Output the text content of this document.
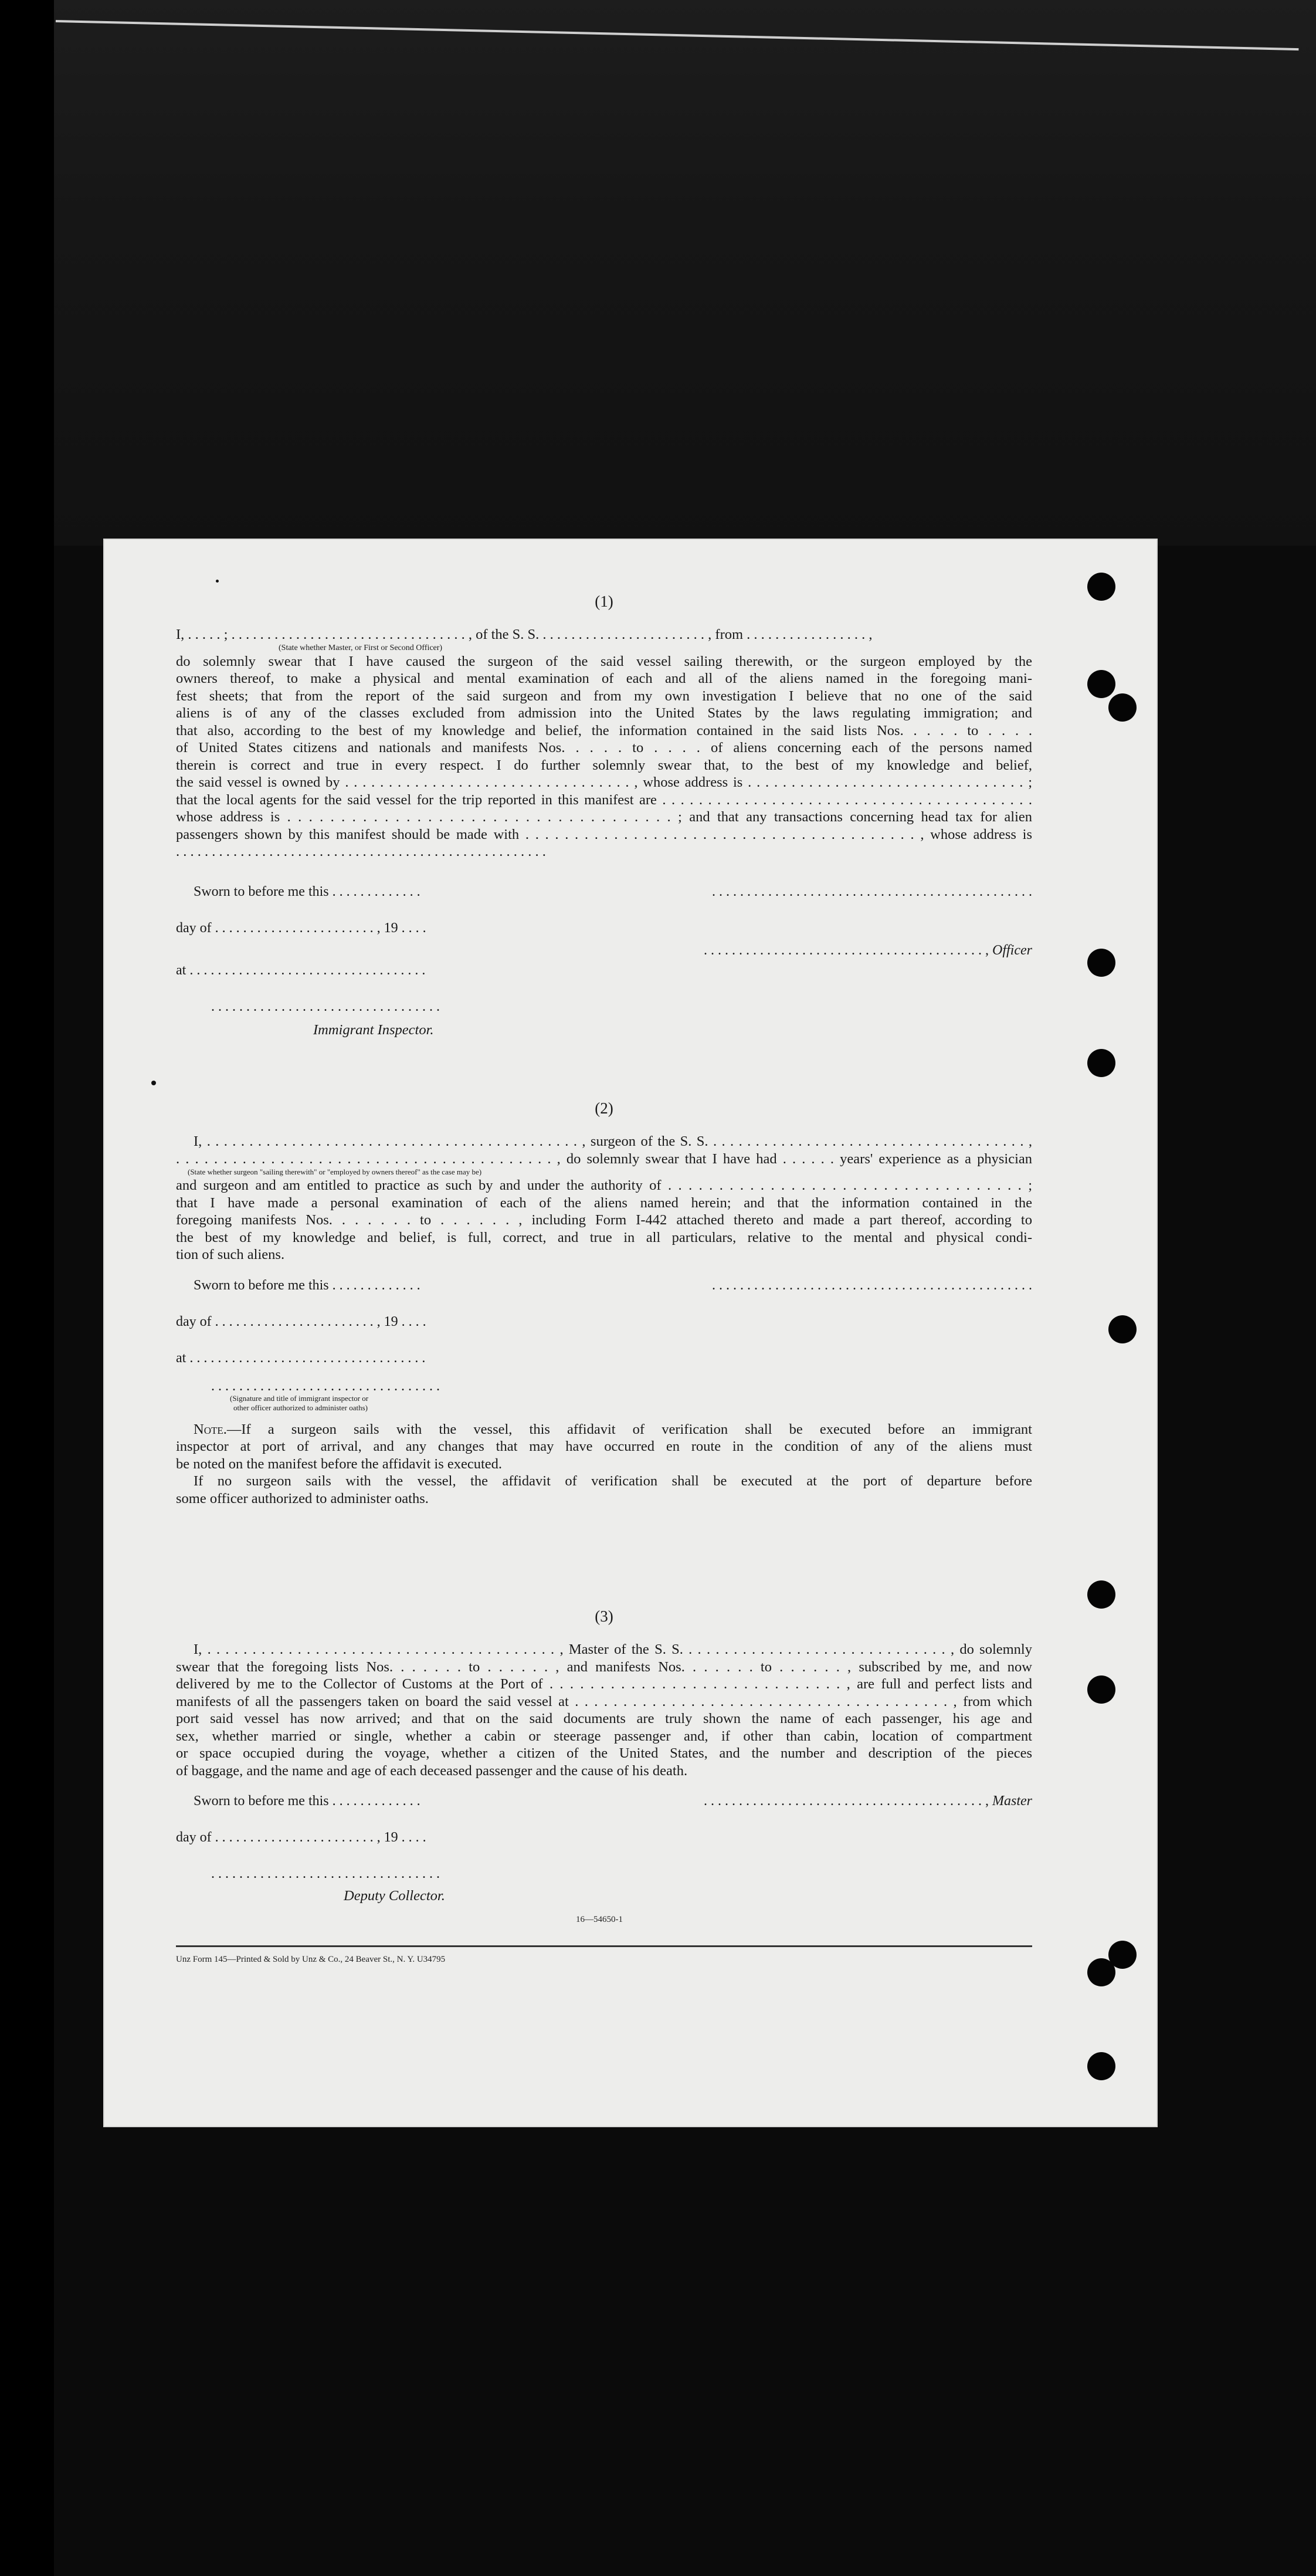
(1)
I, . . . . . ; . . . . . . . . . . . . . . . . . . . . . . . . . . . . . . . . . , of the S. S. . . . . . . . . . . . . . . . . . . . . . . . , from . . . . . . . . . . . . . . . . . ,
(State whether Master, or First or Second Officer)
do solemnly swear that I have caused the surgeon of the said vessel sailing therewith, or the surgeon employed by the
owners thereof, to make a physical and mental examination of each and all of the aliens named in the foregoing mani-
fest sheets; that from the report of the said surgeon and from my own investigation I believe that no one of the said
aliens is of any of the classes excluded from admission into the United States by the laws regulating immigration; and
that also, according to the best of my knowledge and belief, the information contained in the said lists Nos. . . . . to . . . .
of United States citizens and nationals and manifests Nos. . . . . to . . . . of aliens concerning each of the persons named
therein is correct and true in every respect. I do further solemnly swear that, to the best of my knowledge and belief,
the said vessel is owned by . . . . . . . . . . . . . . . . . . . . . . . . . . . . . . . . . , whose address is . . . . . . . . . . . . . . . . . . . . . . . . . . . . . . . . ;
that the local agents for the said vessel for the trip reported in this manifest are . . . . . . . . . . . . . . . . . . . . . . . . . . . . . . . . . . . . . . . . .
whose address is . . . . . . . . . . . . . . . . . . . . . . . . . . . . . . . . . . . . ; and that any transactions concerning head tax for alien
passengers shown by this manifest should be made with . . . . . . . . . . . . . . . . . . . . . . . . . . . . . . . . . . . . . . . . , whose address is
. . . . . . . . . . . . . . . . . . . . . . . . . . . . . . . . . . . . . . . . . . . . . . . . . . . .
Sworn to before me this . . . . . . . . . . . . .	. . . . . . . . . . . . . . . . . . . . . . . . . . . . . . . . . . . . . . . . . . . . . .
day of . . . . . . . . . . . . . . . . . . . . . . . , 19 . . . .
. . . . . . . . . . . . . . . . . . . . . . . . . . . . . . . . . . . . . . . . , Officer
at . . . . . . . . . . . . . . . . . . . . . . . . . . . . . . . . . .
. . . . . . . . . . . . . . . . . . . . . . . . . . . . . . . . .
Immigrant Inspector.
(2)
I, . . . . . . . . . . . . . . . . . . . . . . . . . . . . . . . . . . . . . . . . . . . . , surgeon of the S. S. . . . . . . . . . . . . . . . . . . . . . . . . . . . . . . . . . . . . . ,
. . . . . . . . . . . . . . . . . . . . . . . . . . . . . . . . . . . . . . . . , do solemnly swear that I have had . . . . . . years' experience as a physician
(State whether surgeon "sailing therewith" or "employed by owners thereof" as the case may be)
and surgeon and am entitled to practice as such by and under the authority of . . . . . . . . . . . . . . . . . . . . . . . . . . . . . . . . . . . ;
that I have made a personal examination of each of the aliens named herein; and that the information contained in the
foregoing manifests Nos. . . . . . . to . . . . . . , including Form I-442 attached thereto and made a part thereof, according to
the best of my knowledge and belief, is full, correct, and true in all particulars, relative to the mental and physical condi-
tion of such aliens.
Sworn to before me this . . . . . . . . . . . . .	. . . . . . . . . . . . . . . . . . . . . . . . . . . . . . . . . . . . . . . . . . . . . .
day of . . . . . . . . . . . . . . . . . . . . . . . , 19 . . . .
at . . . . . . . . . . . . . . . . . . . . . . . . . . . . . . . . . .
. . . . . . . . . . . . . . . . . . . . . . . . . . . . . . . . .
(Signature and title of immigrant inspector or
other officer authorized to administer oaths)
Note.—If a surgeon sails with the vessel, this affidavit of verification shall be executed before an immigrant
inspector at port of arrival, and any changes that may have occurred en route in the condition of any of the aliens must
be noted on the manifest before the affidavit is executed.
If no surgeon sails with the vessel, the affidavit of verification shall be executed at the port of departure before
some officer authorized to administer oaths.
(3)
I, . . . . . . . . . . . . . . . . . . . . . . . . . . . . . . . . . . . . . . . , Master of the S. S. . . . . . . . . . . . . . . . . . . . . . . . . . . . . . , do solemnly
swear that the foregoing lists Nos. . . . . . . to . . . . . . , and manifests Nos. . . . . . . to . . . . . . , subscribed by me, and now
delivered by me to the Collector of Customs at the Port of . . . . . . . . . . . . . . . . . . . . . . . . . . . . . , are full and perfect lists and
manifests of all the passengers taken on board the said vessel at . . . . . . . . . . . . . . . . . . . . . . . . . . . . . . . . . . . . . . . , from which
port said vessel has now arrived; and that on the said documents are truly shown the name of each passenger, his age and
sex, whether married or single, whether a cabin or steerage passenger and, if other than cabin, location of compartment
or space occupied during the voyage, whether a citizen of the United States, and the number and description of the pieces
of baggage, and the name and age of each deceased passenger and the cause of his death.
Sworn to before me this . . . . . . . . . . . . .	. . . . . . . . . . . . . . . . . . . . . . . . . . . . . . . . . . . . . . . . , Master
day of . . . . . . . . . . . . . . . . . . . . . . . , 19 . . . .
. . . . . . . . . . . . . . . . . . . . . . . . . . . . . . . . .
Deputy Collector.
16—54650-1
Unz Form 145—Printed & Sold by Unz & Co., 24 Beaver St., N. Y. U34795
